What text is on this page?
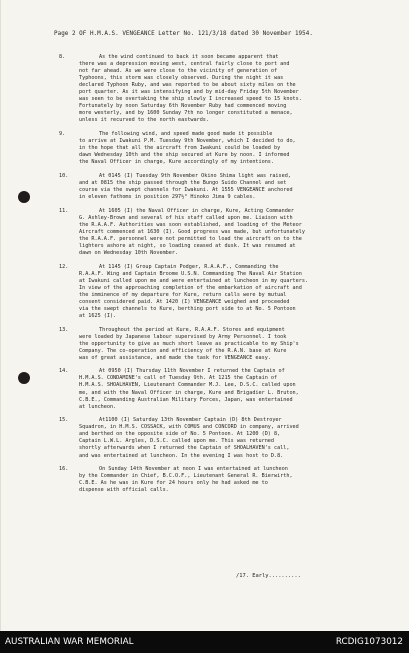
Page 2 OF H.M.A.S. VENGEANCE Letter No. 121/3/18 dated 30 November 1954.
8.	As the wind continued to back it soon became apparent that
there was a depression moving west, central fairly close to port and
not far ahead. As we were close to the vicinity of generation of
Typhoons, this storm was closely observed. During the night it was
declared Typhoon Ruby, and was reported to be about sixty miles on the
port quarter. As it was intensifying and by mid-day Friday 5th November
was seen to be overtaking the ship slowly I increased speed to 15 knots.
Fortunately by noon Saturday 6th November Ruby had commenced moving
more westerly, and by 1600 Sunday 7th no longer constituted a menace,
unless it recurved to the north eastwards.
9.	The following wind, and speed made good made it possible
to arrive at Iwakuni P.M. Tuesday 9th November, which I decided to do,
in the hope that all the aircraft from Iwakuni could be loaded by
dawn Wednesday 10th and the ship secured at Kure by noon. I informed
the Naval Officer in charge, Kure accordingly of my intentions.
10.	At 0145 (I) Tuesday 9th November Okino Shima light was raised,
and at 0815 the ship passed through the Bungo Suido Channel and set
course via the swept channels for Iwakuni. At 1555 VENGEANCE anchored
in eleven fathoms in position 297½° Hinoko Jima 9 cables.
11.	At 1605 (I) the Naval Officer in charge, Kure, Acting Commander
G. Ashley-Brown and several of his staff called upon me. Liaison with
the R.A.A.F. Authorities was soon established, and loading of the Meteor
Aircraft commenced at 1630 (I). Good progress was made, but unfortunately
the R.A.A.F. personnel were not permitted to load the aircraft on to the
lighters ashore at night, so loading ceased at dusk. It was resumed at
dawn on Wednesday 10th November.
12.	At 1145 (I) Group Captain Podger, R.A.A.F., Commanding the
R.A.A.F. Wing and Captain Broome U.S.N. Commanding The Naval Air Station
at Iwakuni called upon me and were entertained at luncheon in my quarters.
In view of the approaching completion of the embarkation of aircraft and
the imminence of my departure for Kure, return calls were by mutual
consent considered paid. At 1420 (I) VENGEANCE weighed and proceeded
via the swept channels to Kure, berthing port side to at No. 5 Pontoon
at 1625 (I).
13.	Throughout the period at Kure, R.A.A.F. Stores and equipment
were loaded by Japanese labour supervised by Army Personnel. I took
the opportunity to give as much short leave as practicable to my Ship's
Company. The co-operation and efficiency of the R.A.N. base at Kure
was of great assistance, and made the task for VENGEANCE easy.
14.	At 0950 (I) Thursday 11th November I returned the Captain of
H.M.A.S. CONDAMINE's call of Tuesday 9th. At 1215 the Captain of
H.M.A.S. SHOALHAVEN, Lieutenant Commander M.J. Lee, D.S.C. called upon
me, and with the Naval Officer in charge, Kure and Brigadier L. Bruton,
C.B.E., Commanding Australian Military Forces, Japan, was entertained
at luncheon.
15.	At1100 (I) Saturday 13th November Captain (D) 8th Destroyer
Squadron, in H.M.S. COSSACK, with COMUS and CONCORD in company, arrived
and berthed on the opposite side of No. 5 Pontoon. At 1200 (D) 8,
Captain L.W.L. Argles, D.S.C. called upon me. This was returned
shortly afterwards when I returned the Captain of SHOALHAVEN's call,
and was entertained at luncheon. In the evening I was host to D.8.
16.	On Sunday 14th November at noon I was entertained at luncheon
by the Commander in Chief, B.C.O.F., Lieutenant General R. Bierwirth,
C.B.E. As he was in Kure for 24 hours only he had asked me to
dispense with official calls.
/17. Early..........
AUSTRALIAN WAR MEMORIAL	RCDIG1073012
